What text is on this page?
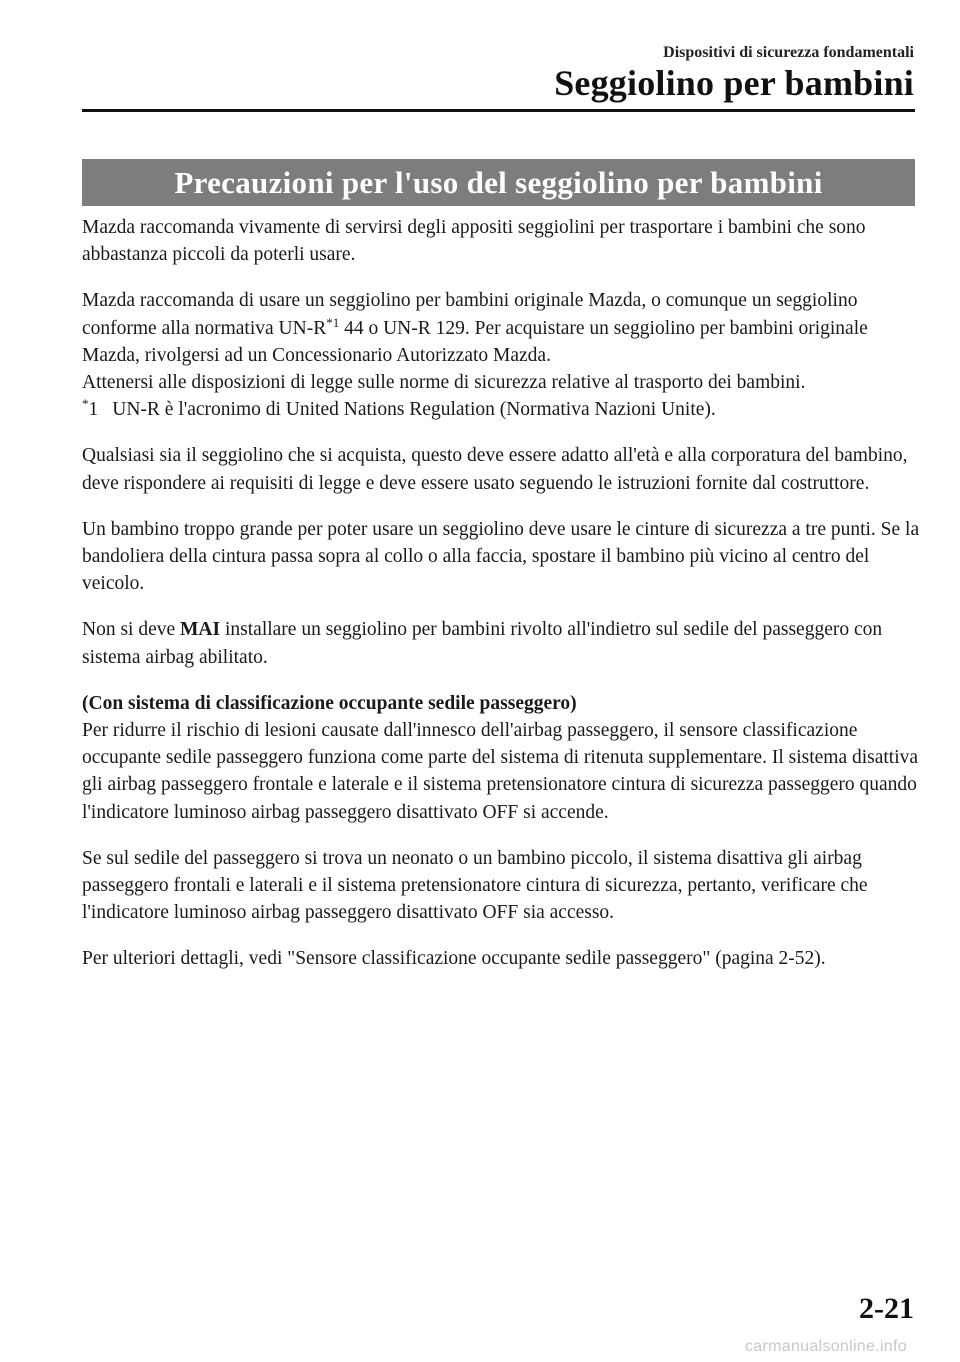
Dispositivi di sicurezza fondamentali
Seggiolino per bambini
Precauzioni per l'uso del seggiolino per bambini

Mazda raccomanda vivamente di servirsi degli appositi seggiolini per trasportare i bambini che sono abbastanza piccoli da poterli usare.

Mazda raccomanda di usare un seggiolino per bambini originale Mazda, o comunque un seggiolino conforme alla normativa $UN-R^{*1}$ 44 o UN-R 129. Per acquistare un seggiolino per bambini originale Mazda, rivolgersi ad un Concessionario Autorizzato Mazda.
Attenersi alle disposizioni di legge sulle norme di sicurezza relative al trasporto dei bambini.

*1 UN-R è l'acronimo di United Nations Regulation (Normativa Nazioni Unite).

Qualsiasi sia il seggiolino che si acquista, questo deve essere adatto all'età e alla corporatura del bambino, deve rispondere ai requisiti di legge e deve essere usato seguendo le istruzioni fornite dal costruttore.

Un bambino troppo grande per poter usare un seggiolino deve usare le cinture di sicurezza a tre punti. Se la bandoliera della cintura passa sopra al collo o alla faccia, spostare il bambino più vicino al centro del veicolo.

Non si deve MAI installare un seggiolino per bambini rivolto all'indietro sul sedile del passeggero con sistema airbag abilitato.

(Con sistema di classificazione occupante sedile passeggero)
Per ridurre il rischio di lesioni causate dall'innesco dell'airbag passeggero, il sensore classificazione occupante sedile passeggero funziona come parte del sistema di ritenuta supplementare. Il sistema disattiva gli airbag passeggero frontale e laterale e il sistema pretensionatore cintura di sicurezza passeggero quando l'indicatore luminoso airbag passeggero disattivato OFF si accende.

Se sul sedile del passeggero si trova un neonato o un bambino piccolo, il sistema disattiva gli airbag passeggero frontali e laterali e il sistema pretensionatore cintura di sicurezza, pertanto, verificare che l'indicatore luminoso airbag passeggero disattivato OFF sia accesso.

Per ulteriori dettagli, vedi "Sensore classificazione occupante sedile passeggero" (pagina 2-52).

2-21
carmanualsonline.info
